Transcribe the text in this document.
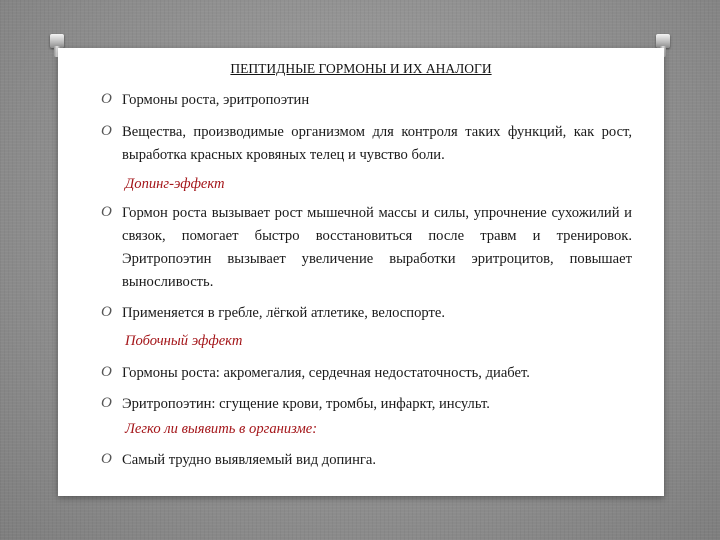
ПЕПТИДНЫЕ ГОРМОНЫ И ИХ АНАЛОГИ
O Гормоны роста, эритропоэтин
O Вещества, производимые организмом для контроля таких функций, как рост, выработка красных кровяных телец и чувство боли.
Допинг-эффект
O Гормон роста вызывает рост мышечной массы и силы, упрочнение сухожилий и связок, помогает быстро восстановиться после травм и тренировок. Эритропоэтин вызывает увеличение выработки эритроцитов, повышает выносливость.
O Применяется в гребле, лёгкой атлетике, велоспорте.
Побочный эффект
O Гормоны роста: акромегалия, сердечная недостаточность, диабет.
O Эритропоэтин: сгущение крови, тромбы, инфаркт, инсульт.
Легко ли выявить в организме:
O Самый трудно выявляемый вид допинга.
